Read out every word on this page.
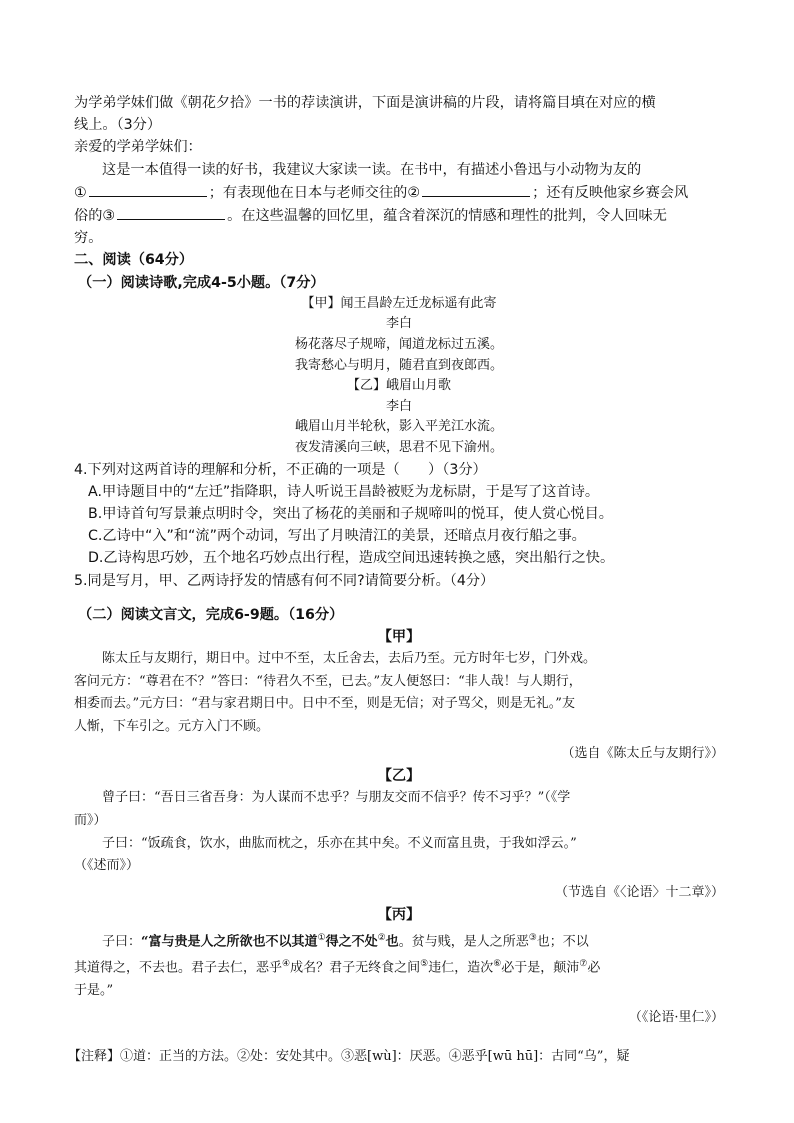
为学弟学妹们做《朝花夕拾》一书的荐读演讲，下面是演讲稿的片段，请将篇目填在对应的横
线上。（3分）
亲爱的学弟学妹们：
这是一本值得一读的好书，我建议大家读一读。在书中，有描述小鲁迅与小动物为友的
①	；有表现他在日本与老师交往的②	；还有反映他家乡赛会风
俗的③	。在这些温馨的回忆里，蕴含着深沉的情感和理性的批判，令人回味无
穷。
二、阅读（64分）
（一）阅读诗歌,完成4-5小题。（7分）
【甲】闻王昌龄左迁龙标遥有此寄
李白
杨花落尽子规啼，闻道龙标过五溪。
我寄愁心与明月，随君直到夜郎西。
【乙】峨眉山月歌
李白
峨眉山月半轮秋，影入平羌江水流。
夜发清溪向三峡，思君不见下渝州。
4.下列对这两首诗的理解和分析，不正确的一项是（　　）（3分）
A.甲诗题目中的“左迁”指降职，诗人听说王昌龄被贬为龙标尉，于是写了这首诗。
B.甲诗首句写景兼点明时令，突出了杨花的美丽和子规啼叫的悦耳，使人赏心悦目。
C.乙诗中“入”和“流”两个动词，写出了月映清江的美景，还暗点月夜行船之事。
D.乙诗构思巧妙，五个地名巧妙点出行程，造成空间迅速转换之感，突出船行之快。
5.同是写月，甲、乙两诗抒发的情感有何不同?请简要分析。（4分）
（二）阅读文言文，完成6-9题。（16分）
【甲】
陈太丘与友期行，期日中。过中不至，太丘舍去，去后乃至。元方时年七岁，门外戏。
客问元方：“尊君在不？”答曰：“待君久不至，已去。”友人便怒曰：“非人哉！与人期行，
相委而去。”元方曰：“君与家君期日中。日中不至，则是无信；对子骂父，则是无礼。”友
人惭，下车引之。元方入门不顾。
（选自《陈太丘与友期行》）
【乙】
曾子曰：“吾日三省吾身：为人谋而不忠乎？与朋友交而不信乎？传不习乎？”（《学
而》）
子曰：“饭疏食，饮水，曲肱而枕之，乐亦在其中矣。不义而富且贵，于我如浮云。”
（《述而》）
（节选自《〈论语〉十二章》）
【丙】
子曰：“富与贵是人之所欲也不以其道①得之不处②也。贫与贱，是人之所恶③也；不以
其道得之，不去也。君子去仁，恶乎④成名？君子无终食之间⑤违仁，造次⑥必于是，颠沛⑦必
于是。”
（《论语·里仁》）
【注释】①道：正当的方法。②处：安处其中。③恶[wù]：厌恶。④恶乎[wū hū]：古同“乌”，疑
